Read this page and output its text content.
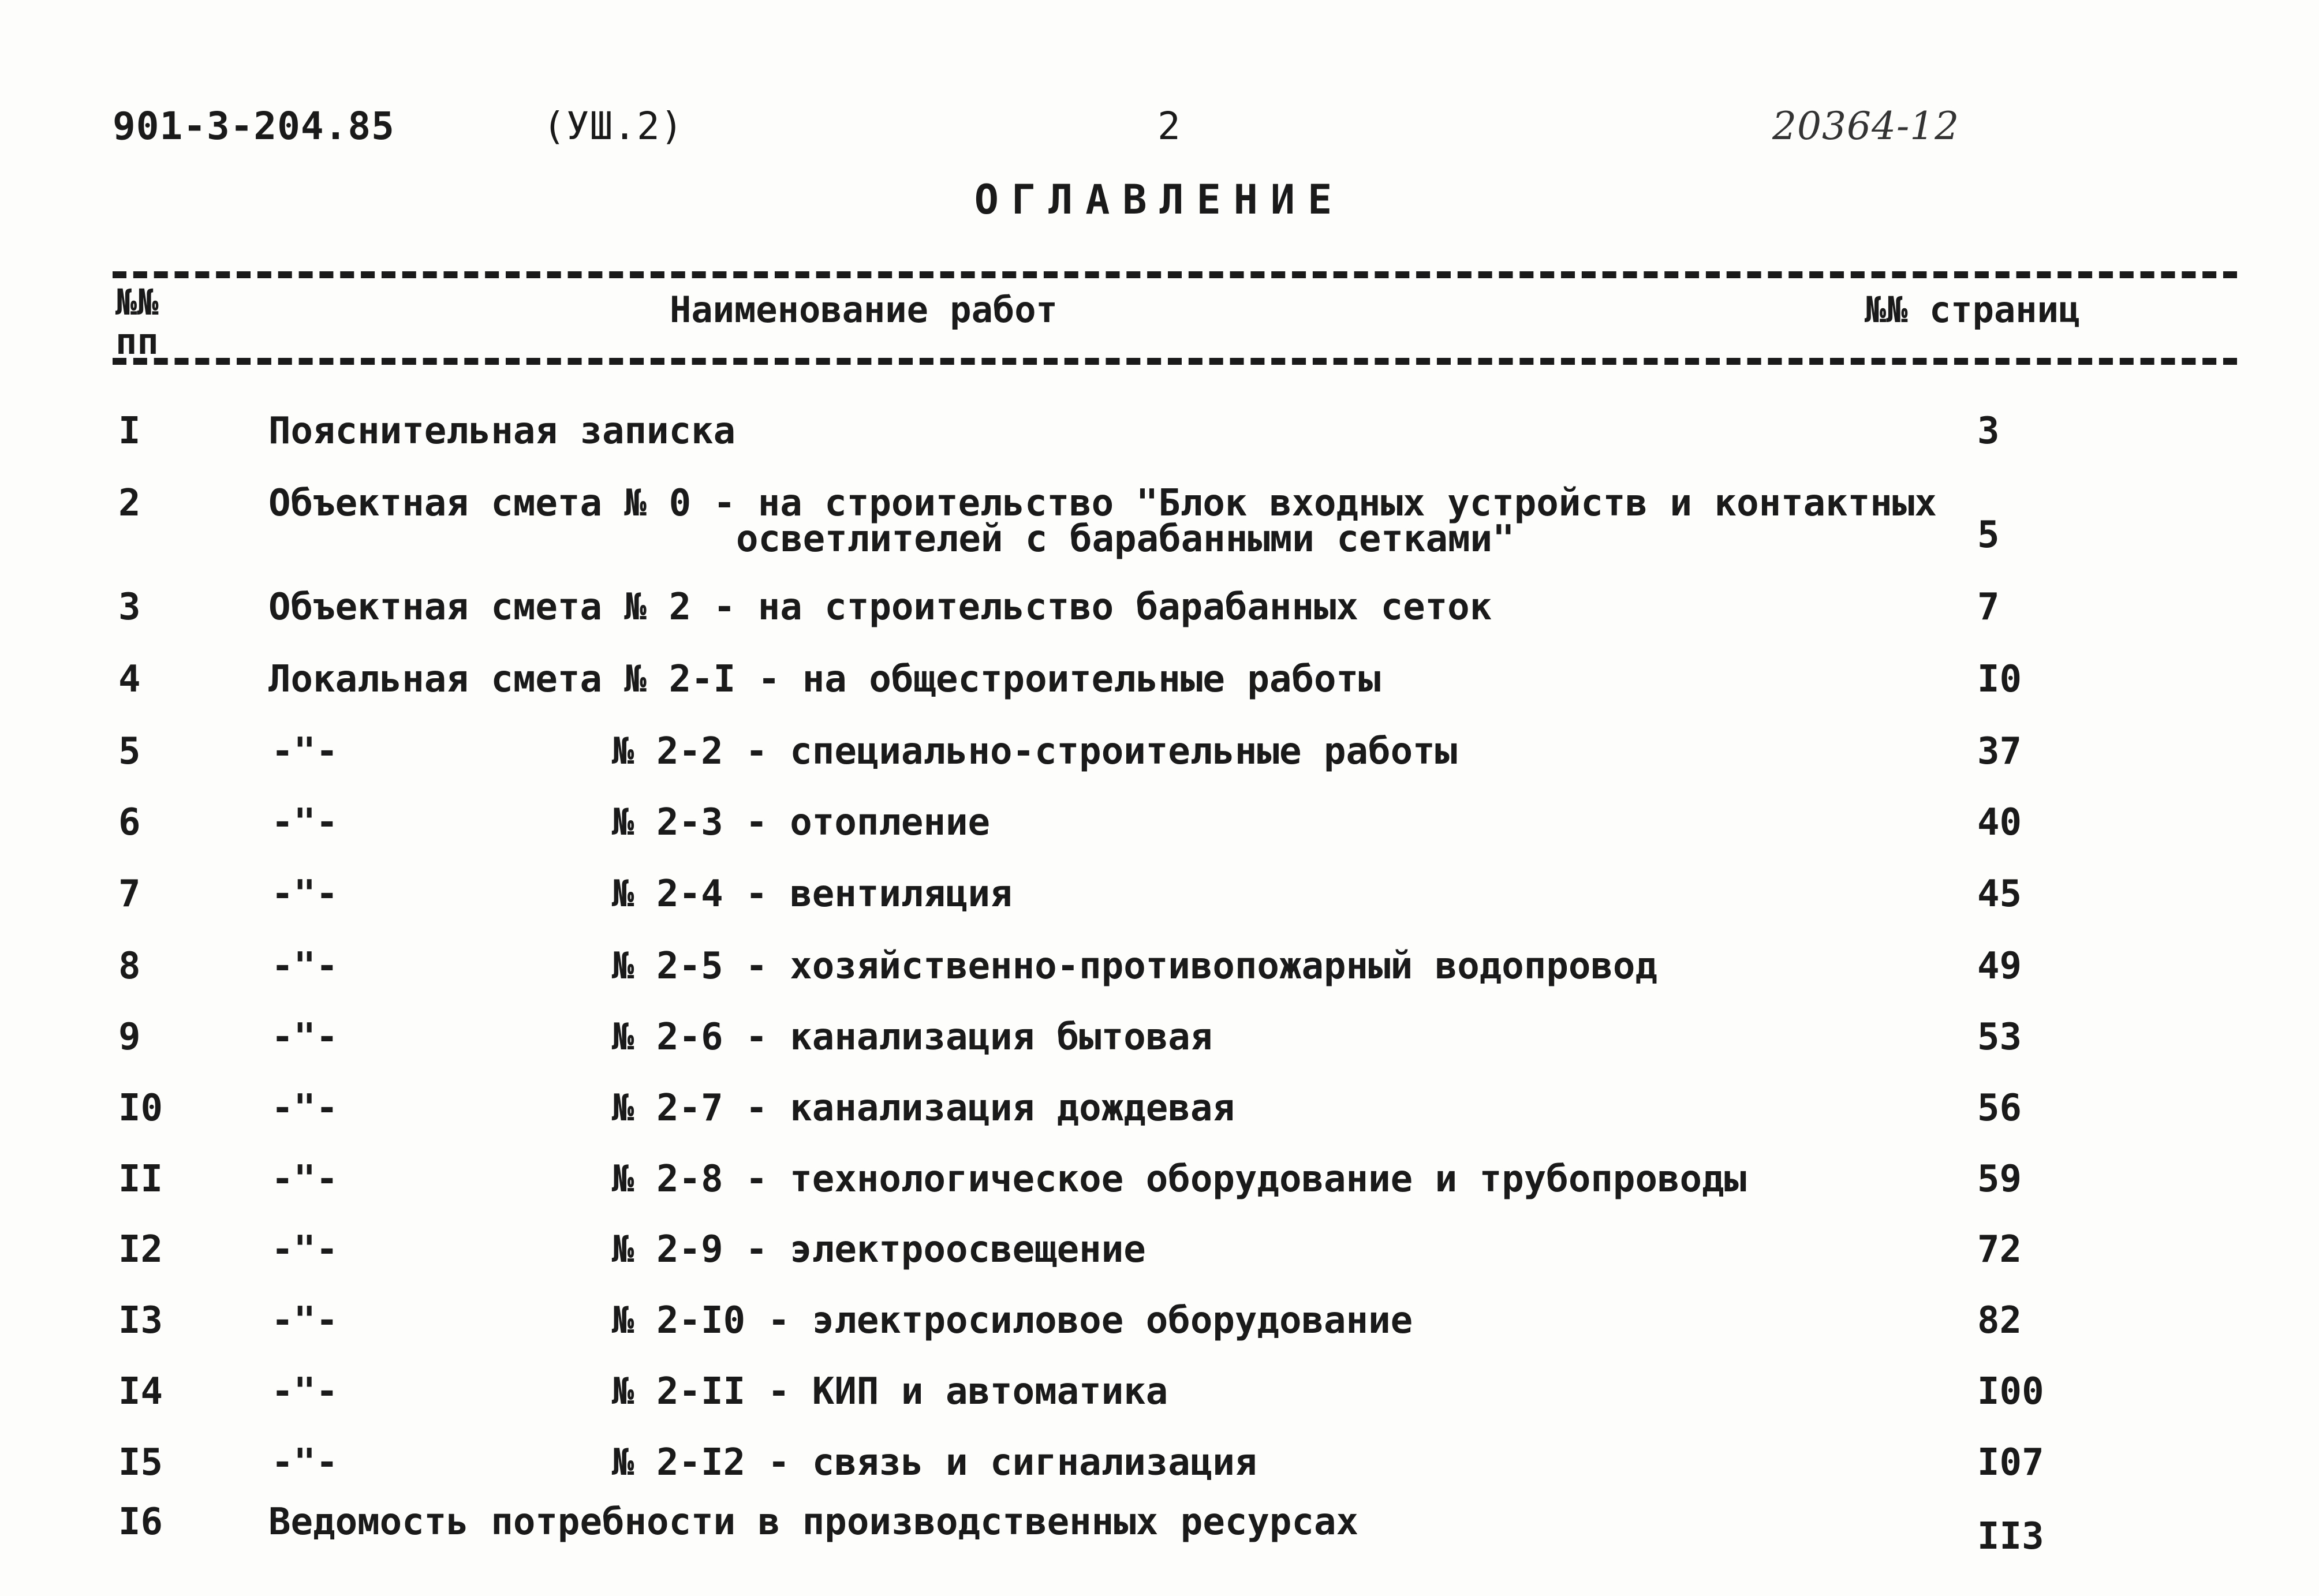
901-3-204.85	(УШ.2)	2	20364-12
ОГЛАВЛЕНИЕ
№№ пп
Наименование работ	№№ страниц
I	Пояснительная записка	3
2	Объектная смета № 0 - на строительство "Блок входных устройств и контактных
осветлителей с барабанными сетками"	5
3	Объектная смета № 2 - на строительство барабанных сеток	7
4	Локальная смета № 2-I - на общестроительные работы	I0
5	-"-	№ 2-2 - специально-строительные работы	37
6	-"-	№ 2-3 - отопление	40
7	-"-	№ 2-4 - вентиляция	45
8	-"-	№ 2-5 - хозяйственно-противопожарный водопровод	49
9	-"-	№ 2-6 - канализация бытовая	53
I0	-"-	№ 2-7 - канализация дождевая	56
II	-"-	№ 2-8 - технологическое оборудование и трубопроводы	59
I2	-"-	№ 2-9 - электроосвещение	72
I3	-"-	№ 2-I0 - электросиловое оборудование	82
I4	-"-	№ 2-II - КИП и автоматика	I00
I5	-"-	№ 2-I2 - связь и сигнализация	I07
I6	Ведомость потребности в производственных ресурсах	II3
